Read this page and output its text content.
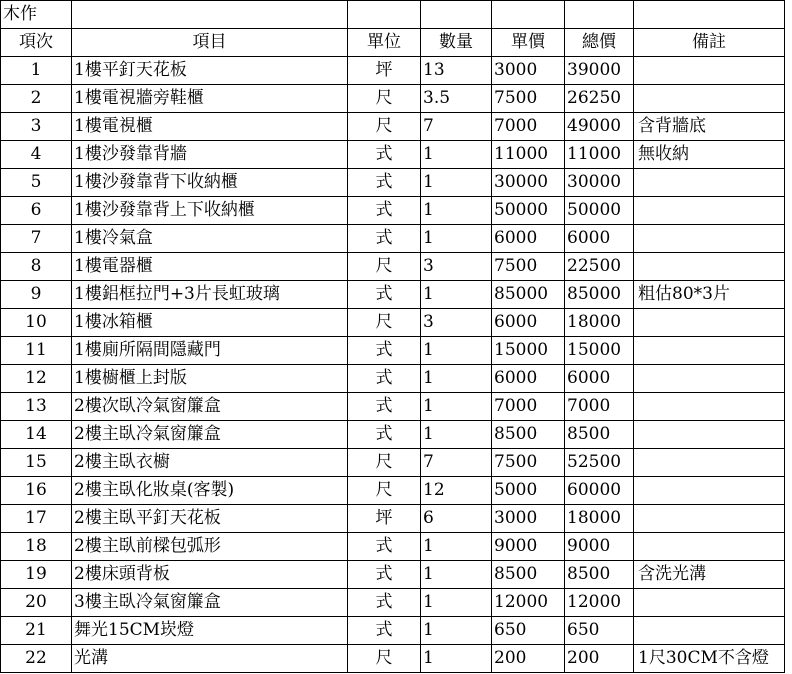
木作						
項次	項目	單位	數量	單價	總價	備註
1	1樓平釘天花板	坪	13	3000	39000	
2	1樓電視牆旁鞋櫃	尺	3.5	7500	26250	
3	1樓電視櫃	尺	7	7000	49000	含背牆底
4	1樓沙發靠背牆	式	1	11000	11000	無收納
5	1樓沙發靠背下收納櫃	式	1	30000	30000	
6	1樓沙發靠背上下收納櫃	式	1	50000	50000	
7	1樓冷氣盒	式	1	6000	6000	
8	1樓電器櫃	尺	3	7500	22500	
9	1樓鋁框拉門+3片長虹玻璃	式	1	85000	85000	粗估80*3片
10	1樓冰箱櫃	尺	3	6000	18000	
11	1樓廁所隔間隱藏門	式	1	15000	15000	
12	1樓櫥櫃上封版	式	1	6000	6000	
13	2樓次臥冷氣窗簾盒	式	1	7000	7000	
14	2樓主臥冷氣窗簾盒	式	1	8500	8500	
15	2樓主臥衣櫥	尺	7	7500	52500	
16	2樓主臥化妝桌(客製)	尺	12	5000	60000	
17	2樓主臥平釘天花板	坪	6	3000	18000	
18	2樓主臥前樑包弧形	式	1	9000	9000	
19	2樓床頭背板	式	1	8500	8500	含洗光溝
20	3樓主臥冷氣窗簾盒	式	1	12000	12000	
21	舞光15CM崁燈	式	1	650	650	
22	光溝	尺	1	200	200	1尺30CM不含燈
